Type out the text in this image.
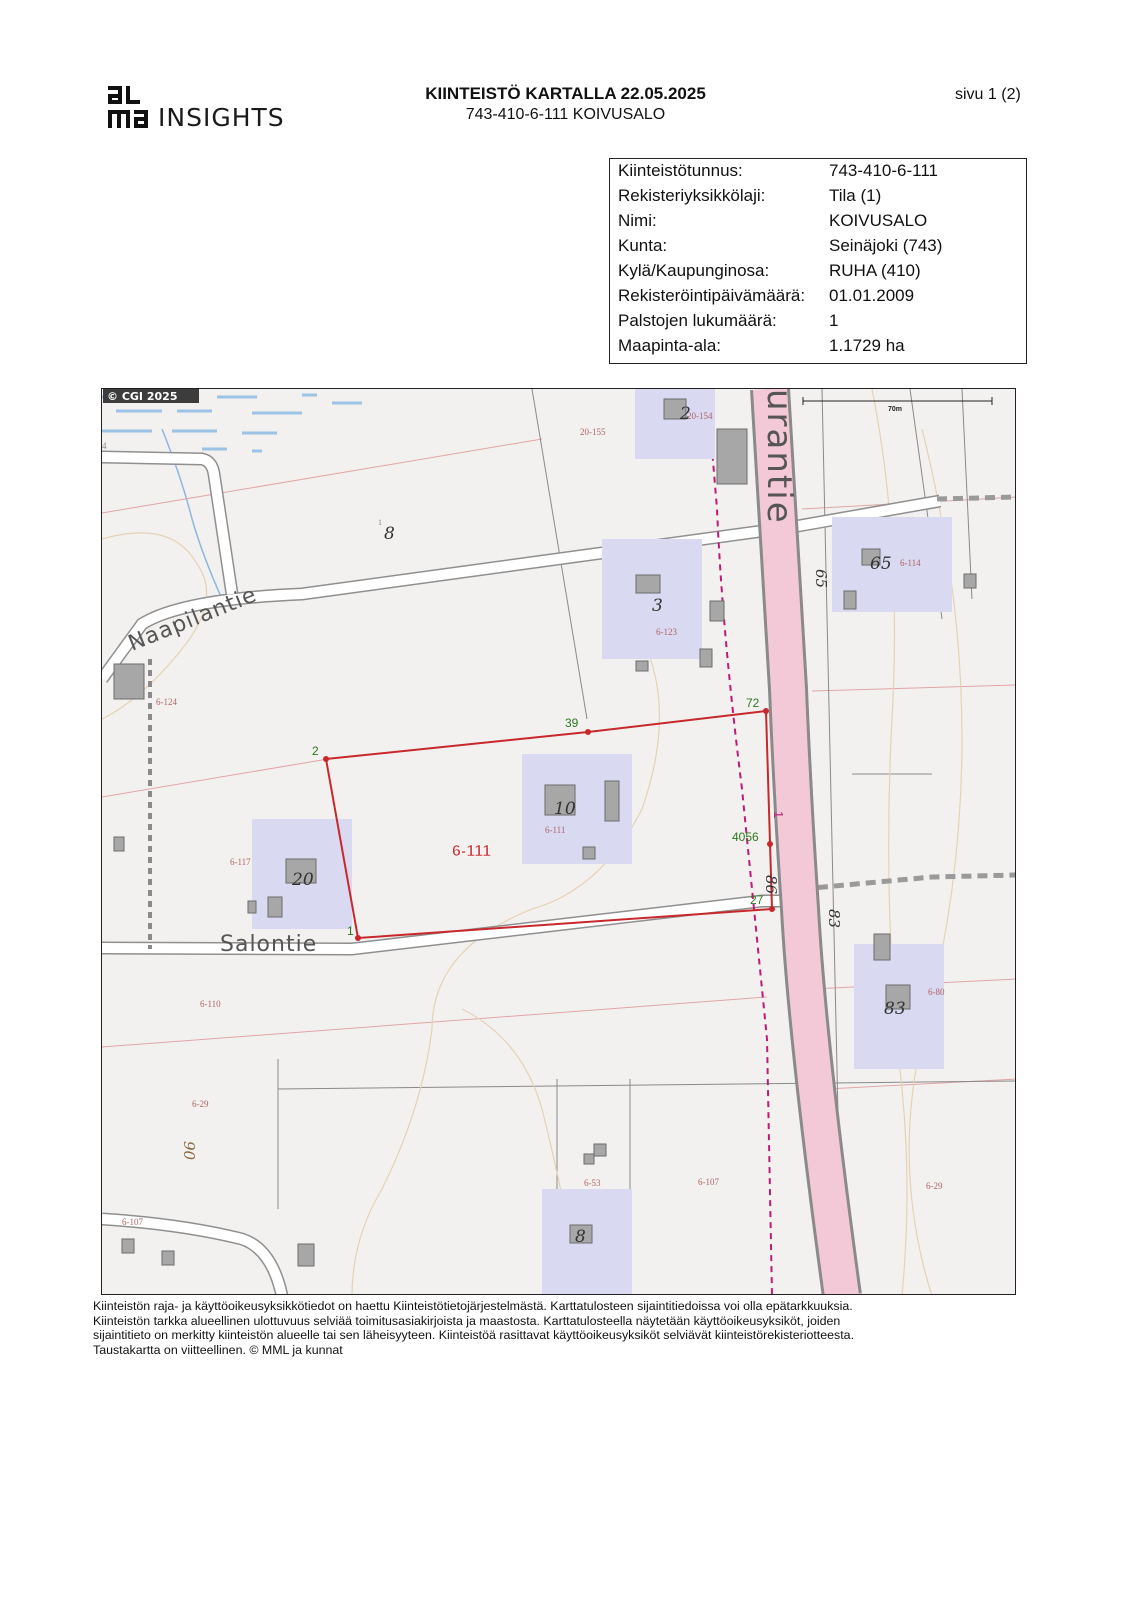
INSIGHTS
KIINTEISTÖ KARTALLA 22.05.2025
743-410-6-111 KOIVUSALO
sivu 1 (2)
Kiinteistötunnus:	743-410-6-111
Rekisteriyksikkölaji:	Tila (1)
Nimi:	KOIVUSALO
Kunta:	Seinäjoki (743)
Kylä/Kaupunginosa:	RUHA (410)
Rekisteröintipäivämäärä: 01.01.2009
Palstojen lukumäärä:	1
Maapinta-ala:	1.1729 ha
2
39
72
4056
27
1
6-111
Naapilantie
Salontie
urantie
20-155
20-154
6-123
6-114
6-124
6-111
6-117
6-110
6-80
6-29
6-107
6-53
6-107
6-29
2
8
3
65
10
20
83
8
65
83
86
90
1
4
1
© CGI 2025
70m
Kiinteistön raja- ja käyttöoikeusyksikkötiedot on haettu Kiinteistötietojärjestelmästä. Karttatulosteen sijaintitiedoissa voi olla epätarkkuuksia.
Kiinteistön tarkka alueellinen ulottuvuus selviää toimitusasiakirjoista ja maastosta. Karttatulosteella näytetään käyttöoikeusyksiköt, joiden
sijaintitieto on merkitty kiinteistön alueelle tai sen läheisyyteen. Kiinteistöä rasittavat käyttöoikeusyksiköt selviävät kiinteistörekisteriotteesta.
Taustakartta on viitteellinen. © MML ja kunnat
